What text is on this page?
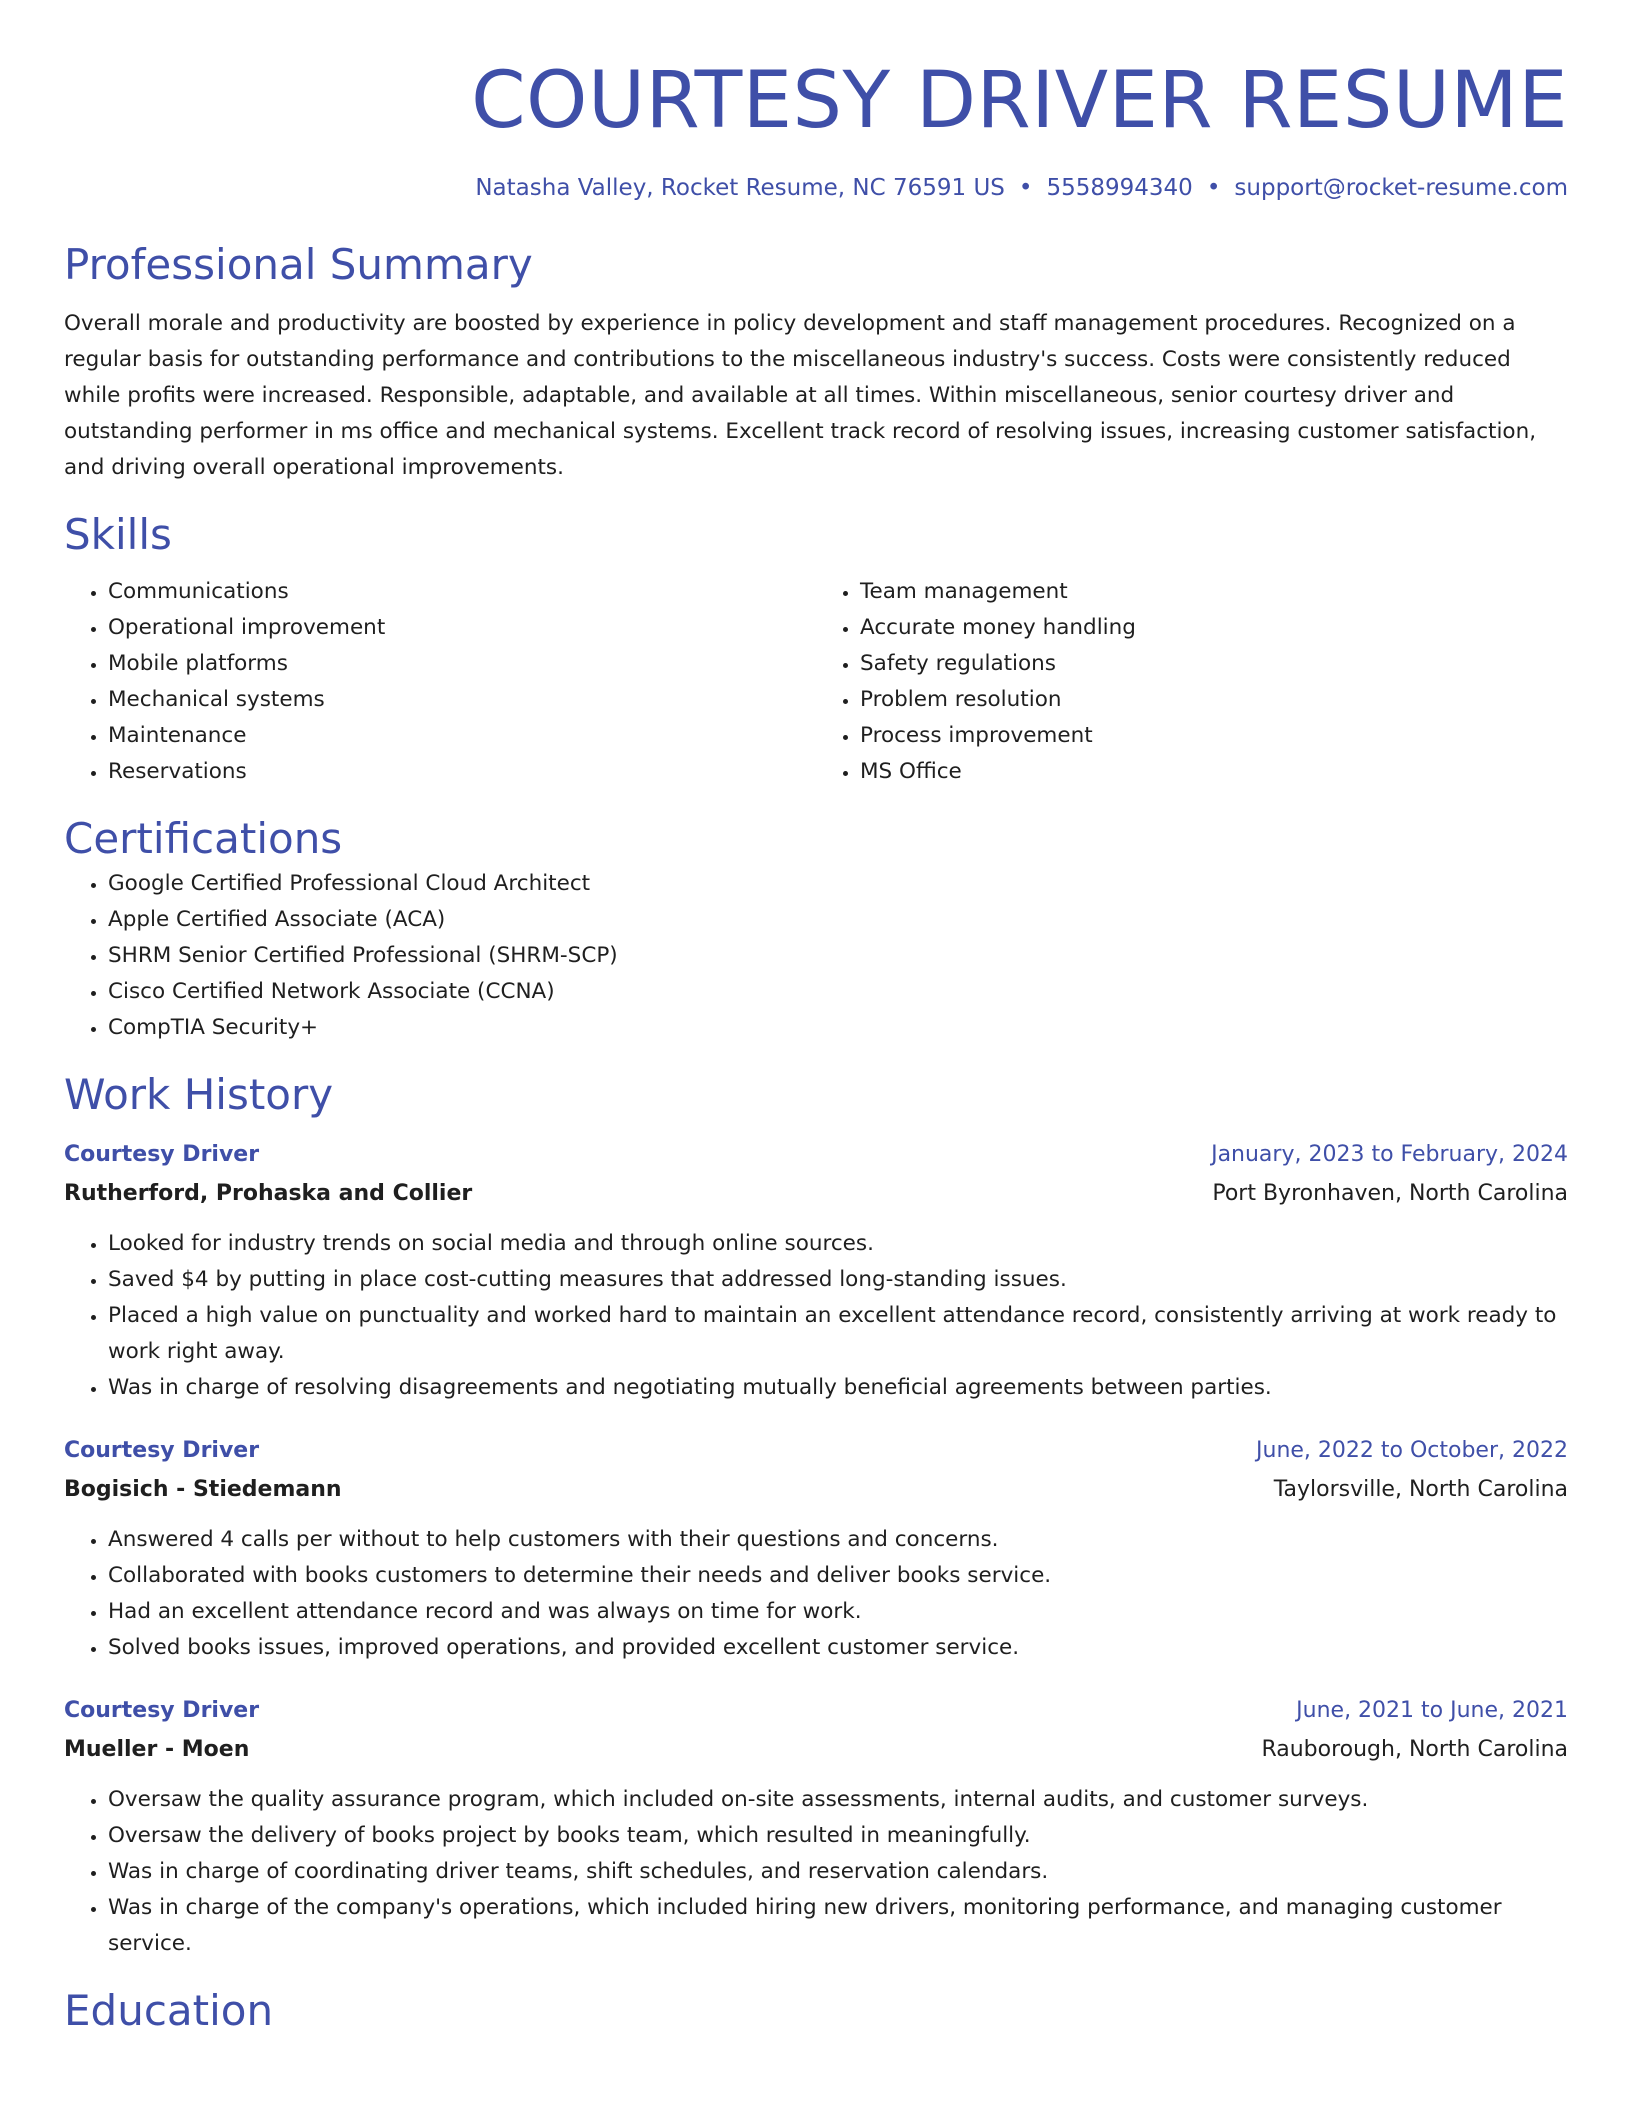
COURTESY DRIVER RESUME
Natasha Valley, Rocket Resume, NC 76591 US • 5558994340 • support@rocket-resume.com
Professional Summary
Overall morale and productivity are boosted by experience in policy development and staff management procedures. Recognized on a regular basis for outstanding performance and contributions to the miscellaneous industry's success. Costs were consistently reduced while profits were increased. Responsible, adaptable, and available at all times. Within miscellaneous, senior courtesy driver and outstanding performer in ms office and mechanical systems. Excellent track record of resolving issues, increasing customer satisfaction, and driving overall operational improvements.
Skills
• Communications
• Operational improvement
• Mobile platforms
• Mechanical systems
• Maintenance
• Reservations
• Team management
• Accurate money handling
• Safety regulations
• Problem resolution
• Process improvement
• MS Office
Certifications
• Google Certified Professional Cloud Architect
• Apple Certified Associate (ACA)
• SHRM Senior Certified Professional (SHRM-SCP)
• Cisco Certified Network Associate (CCNA)
• CompTIA Security+
Work History
Courtesy Driver	January, 2023 to February, 2024
Rutherford, Prohaska and Collier	Port Byronhaven, North Carolina
• Looked for industry trends on social media and through online sources.
• Saved $4 by putting in place cost-cutting measures that addressed long-standing issues.
• Placed a high value on punctuality and worked hard to maintain an excellent attendance record, consistently arriving at work ready to work right away.
• Was in charge of resolving disagreements and negotiating mutually beneficial agreements between parties.
Courtesy Driver	June, 2022 to October, 2022
Bogisich - Stiedemann	Taylorsville, North Carolina
• Answered 4 calls per without to help customers with their questions and concerns.
• Collaborated with books customers to determine their needs and deliver books service.
• Had an excellent attendance record and was always on time for work.
• Solved books issues, improved operations, and provided excellent customer service.
Courtesy Driver	June, 2021 to June, 2021
Mueller - Moen	Rauborough, North Carolina
• Oversaw the quality assurance program, which included on-site assessments, internal audits, and customer surveys.
• Oversaw the delivery of books project by books team, which resulted in meaningfully.
• Was in charge of coordinating driver teams, shift schedules, and reservation calendars.
• Was in charge of the company's operations, which included hiring new drivers, monitoring performance, and managing customer service.
Education
